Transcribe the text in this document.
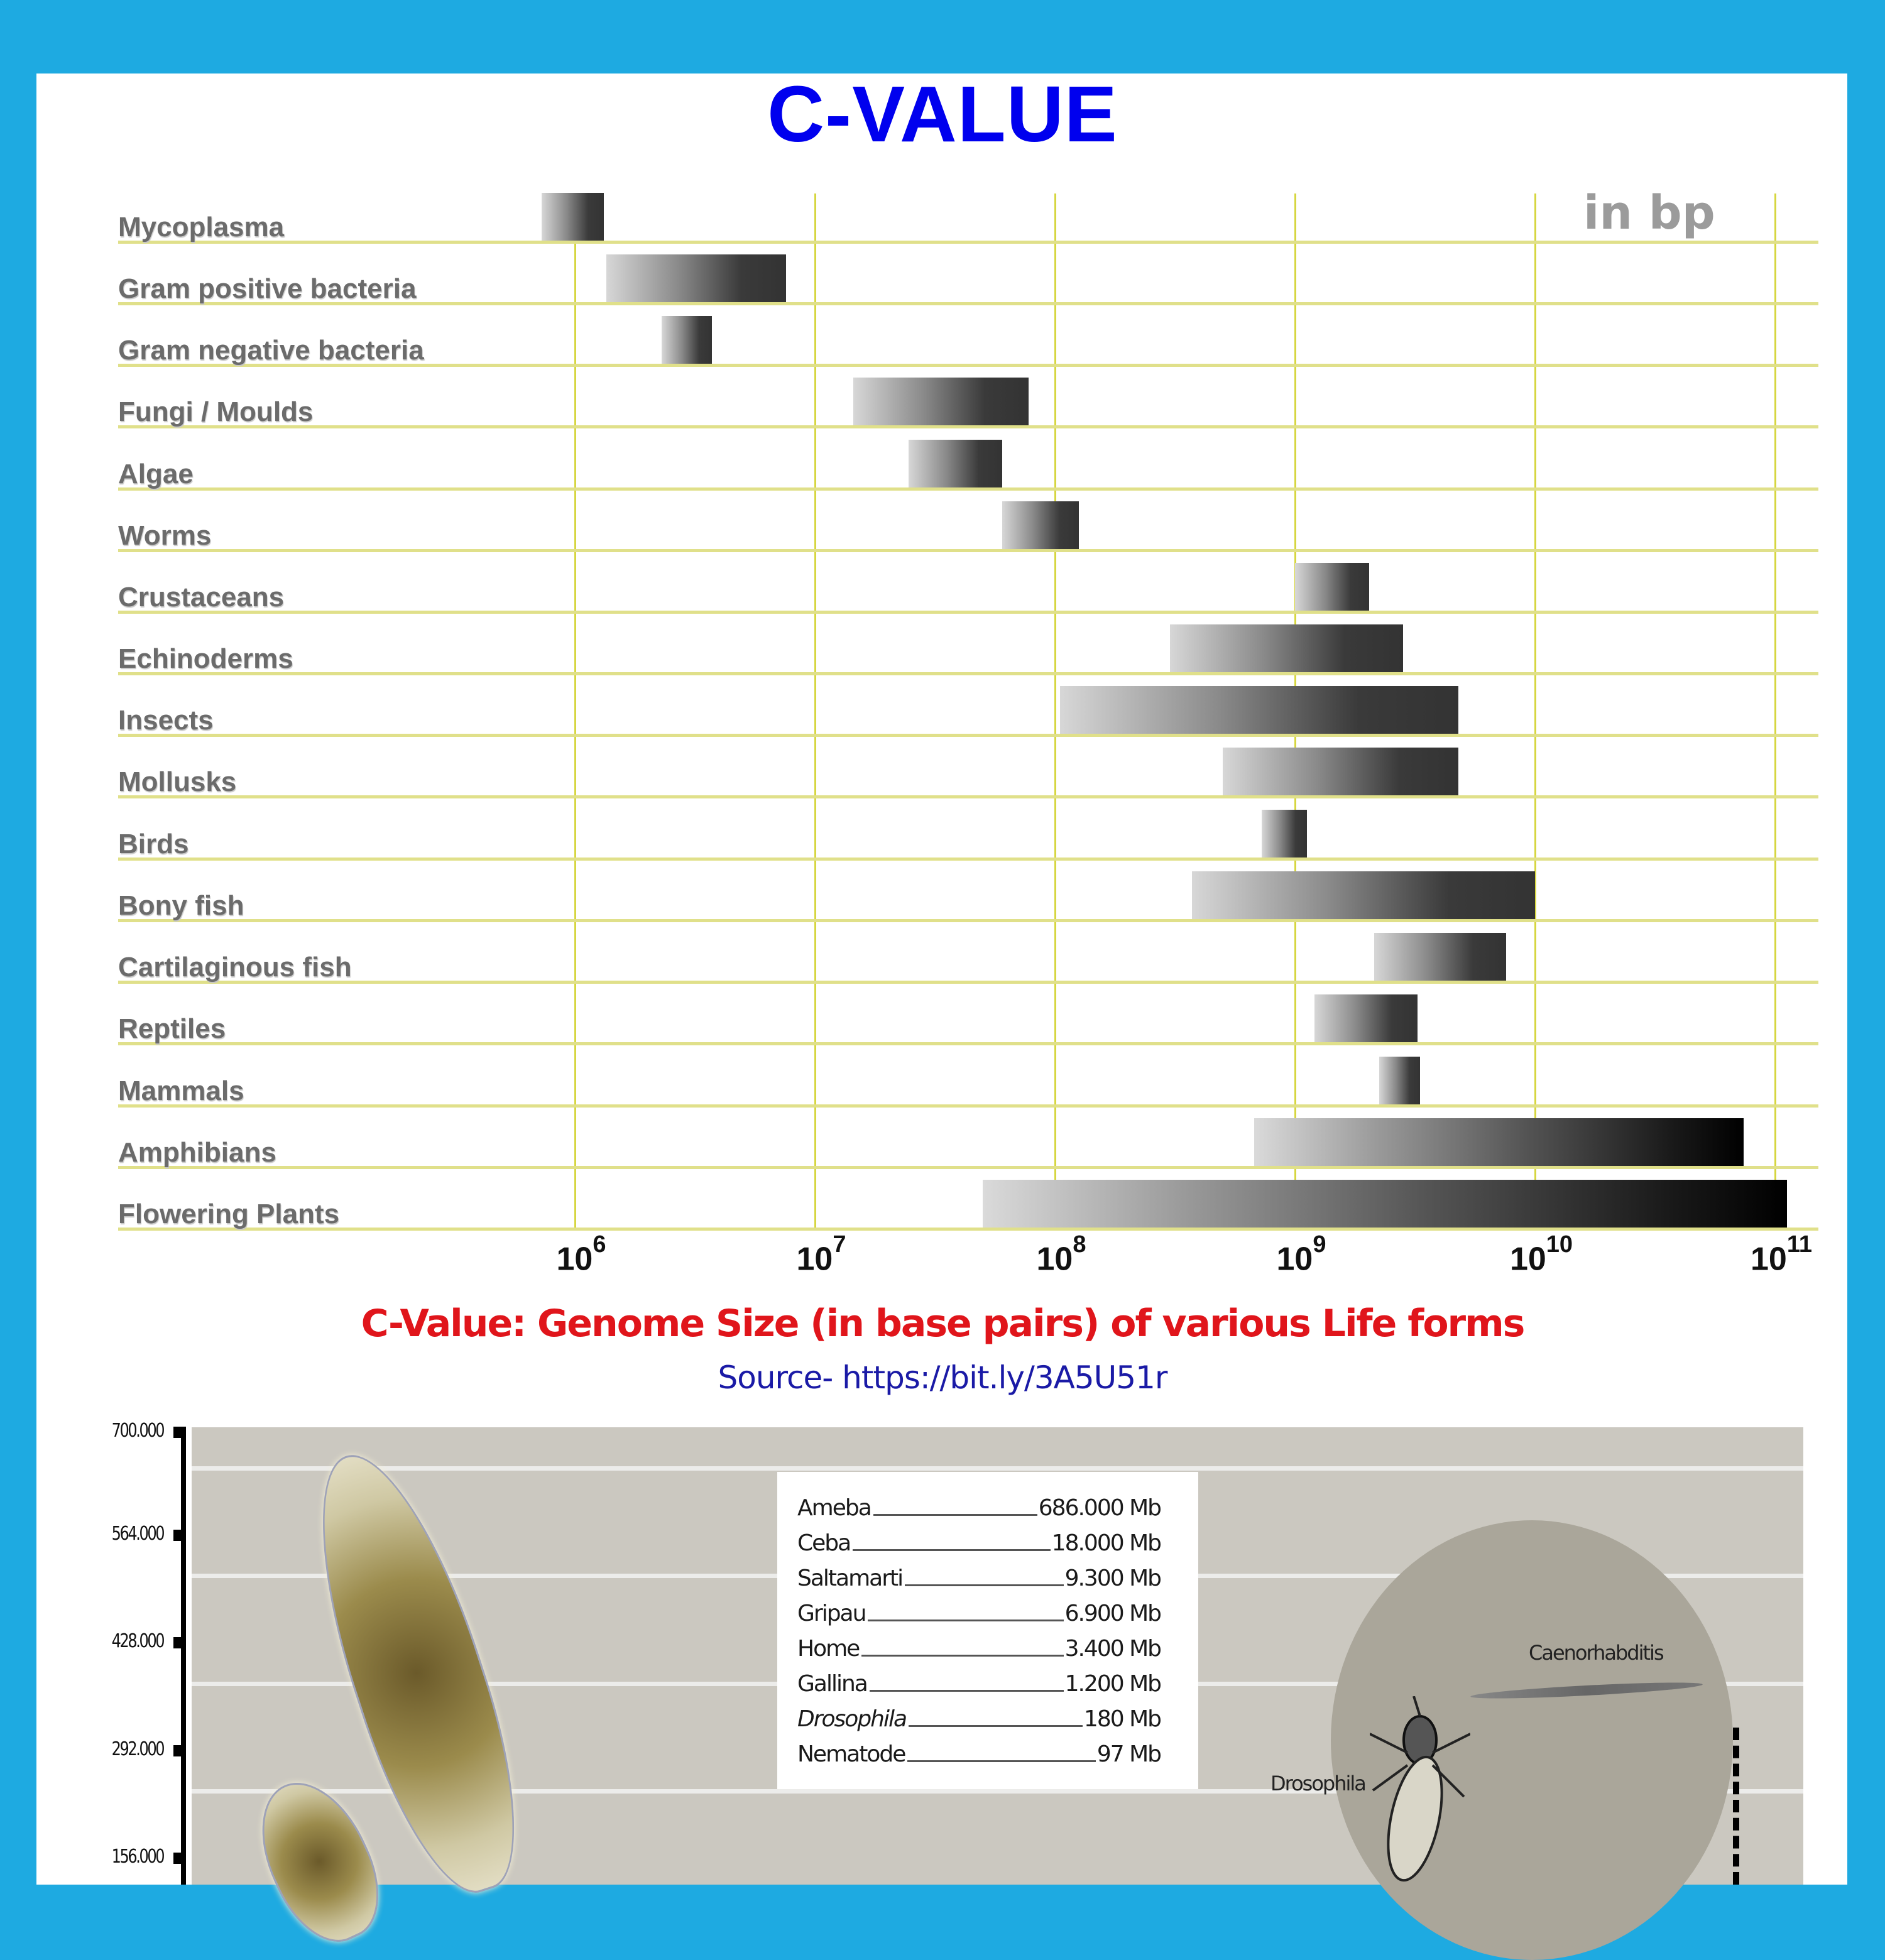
C-VALUE
in bp
Mycoplasma
Gram positive bacteria
Gram negative bacteria
Fungi / Moulds
Algae
Worms
Crustaceans
Echinoderms
Insects
Mollusks
Birds
Bony fish
Cartilaginous fish
Reptiles
Mammals
Amphibians
Flowering Plants
$10^6$	$10^7$	$10^8$	$10^9$	$10^{10}$	$10^{11}$
C-Value: Genome Size (in base pairs) of various Life forms
Source- https://bit.ly/3A5U51r
700.000
564.000
428.000
292.000
156.000
Ameba	686.000 Mb
Ceba	18.000 Mb
Saltamarti	9.300 Mb
Gripau	6.900 Mb
Home	3.400 Mb
Gallina	1.200 Mb
Drosophila	180 Mb
Nematode	97 Mb
Caenorhabditis
Drosophila
